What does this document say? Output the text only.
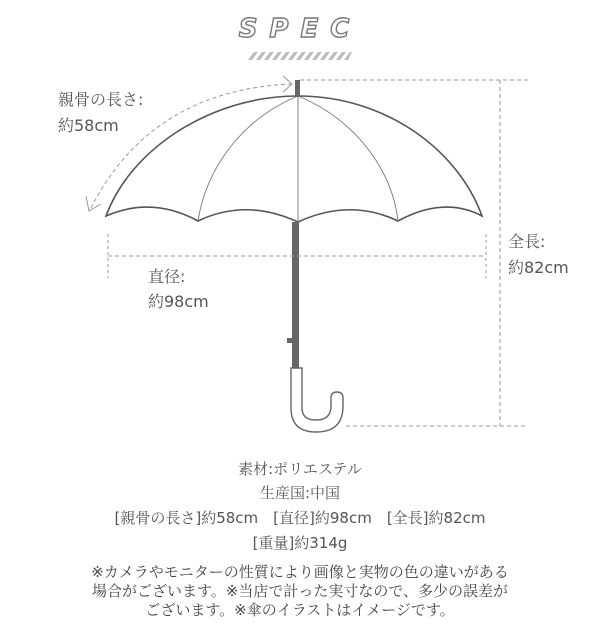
SPEC
親骨の長さ:
約58cm
直径:
約98cm
全長:
約82cm
素材:ポリエステル
生産国:中国
[親骨の長さ]約58cm　[直径]約98cm　[全長]約82cm
[重量]約314g
※カメラやモニターの性質により画像と実物の色の違いがある
場合がございます。※当店で計った実寸なので、多少の誤差が
ございます。※傘のイラストはイメージです。
